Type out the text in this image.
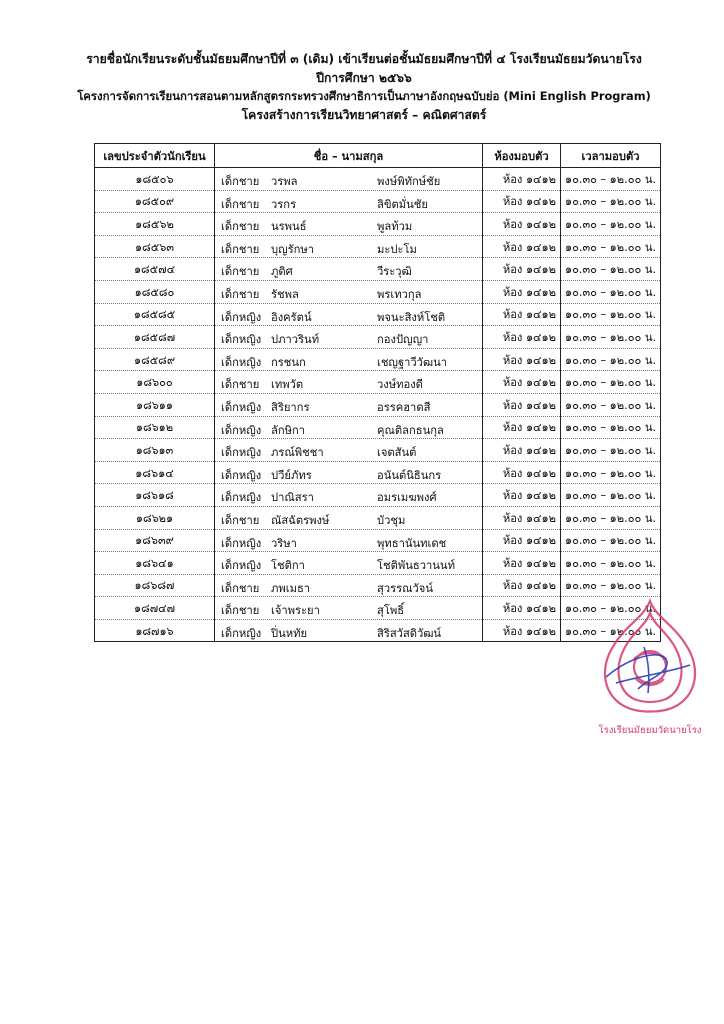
รายชื่อนักเรียนระดับชั้นมัธยมศึกษาปีที่ ๓ (เดิม) เข้าเรียนต่อชั้นมัธยมศึกษาปีที่ ๔ โรงเรียนมัธยมวัดนายโรง
ปีการศึกษา ๒๕๖๖
โครงการจัดการเรียนการสอนตามหลักสูตรกระทรวงศึกษาธิการเป็นภาษาอังกฤษฉบับย่อ (Mini English Program)
โครงสร้างการเรียนวิทยาศาสตร์ – คณิตศาสตร์
เลขประจำตัวนักเรียน	ชื่อ – นามสกุล	ห้องมอบตัว	เวลามอบตัว
๑๘๕๐๖	เด็กชาย วรพล พงษ์พิทักษ์ชัย	ห้อง ๑๔๑๒	๑๐.๓๐ – ๑๒.๐๐ น.
๑๘๕๐๙	เด็กชาย วรกร ลิขิตมั่นชัย	ห้อง ๑๔๑๒	๑๐.๓๐ – ๑๒.๐๐ น.
๑๘๕๖๒	เด็กชาย นรพนธ์ พูลท้วม	ห้อง ๑๔๑๒	๑๐.๓๐ – ๑๒.๐๐ น.
๑๘๕๖๓	เด็กชาย บุญรักษา มะปะโม	ห้อง ๑๔๑๒	๑๐.๓๐ – ๑๒.๐๐ น.
๑๘๕๗๔	เด็กชาย ภูดิศ วีระวุฒิ	ห้อง ๑๔๑๒	๑๐.๓๐ – ๑๒.๐๐ น.
๑๘๕๘๐	เด็กชาย รัชพล พรเทวกุล	ห้อง ๑๔๑๒	๑๐.๓๐ – ๑๒.๐๐ น.
๑๘๕๘๕	เด็กหญิง อิงครัตน์ พจนะสิงห์โชติ	ห้อง ๑๔๑๒	๑๐.๓๐ – ๑๒.๐๐ น.
๑๘๕๘๗	เด็กหญิง ปภาวรินท์ กองปัญญา	ห้อง ๑๔๑๒	๑๐.๓๐ – ๑๒.๐๐ น.
๑๘๕๘๙	เด็กหญิง กรชนก เชญฐาวีวัฒนา	ห้อง ๑๔๑๒	๑๐.๓๐ – ๑๒.๐๐ น.
๑๘๖๐๐	เด็กชาย เทพวัต วงษ์ทองดี	ห้อง ๑๔๑๒	๑๐.๓๐ – ๑๒.๐๐ น.
๑๘๖๑๑	เด็กหญิง สิริยากร อรรคฮาดสี	ห้อง ๑๔๑๒	๑๐.๓๐ – ๑๒.๐๐ น.
๑๘๖๑๒	เด็กหญิง ลักษิกา คุณติลกธนกุล	ห้อง ๑๔๑๒	๑๐.๓๐ – ๑๒.๐๐ น.
๑๘๖๑๓	เด็กหญิง ภรณ์พิชชา เจตสันต์	ห้อง ๑๔๑๒	๑๐.๓๐ – ๑๒.๐๐ น.
๑๘๖๑๔	เด็กหญิง ปวีย์ภัทร อนันต์นิธินกร	ห้อง ๑๔๑๒	๑๐.๓๐ – ๑๒.๐๐ น.
๑๘๖๑๘	เด็กหญิง ปาณิสรา อมรเมฆพงศ์	ห้อง ๑๔๑๒	๑๐.๓๐ – ๑๒.๐๐ น.
๑๘๖๒๑	เด็กชาย ณัสฉัตรพงษ์ บัวชุม	ห้อง ๑๔๑๒	๑๐.๓๐ – ๑๒.๐๐ น.
๑๘๖๓๙	เด็กหญิง วริษา พุทธานันทเดช	ห้อง ๑๔๑๒	๑๐.๓๐ – ๑๒.๐๐ น.
๑๘๖๔๑	เด็กหญิง โชติกา โชติพันธวานนท์	ห้อง ๑๔๑๒	๑๐.๓๐ – ๑๒.๐๐ น.
๑๘๖๘๗	เด็กชาย ภพเมธา สุวรรณวัจน์	ห้อง ๑๔๑๒	๑๐.๓๐ – ๑๒.๐๐ น.
๑๘๗๔๗	เด็กชาย เจ้าพระยา สุโพธิ์	ห้อง ๑๔๑๒	๑๐.๓๐ – ๑๒.๐๐ น.
๑๘๗๑๖	เด็กหญิง ปิ่นหทัย สิริสวัสดิวัฒน์	ห้อง ๑๔๑๒	๑๐.๓๐ – ๑๒.๐๐ น.
โรงเรียนมัธยมวัดนายโรง
